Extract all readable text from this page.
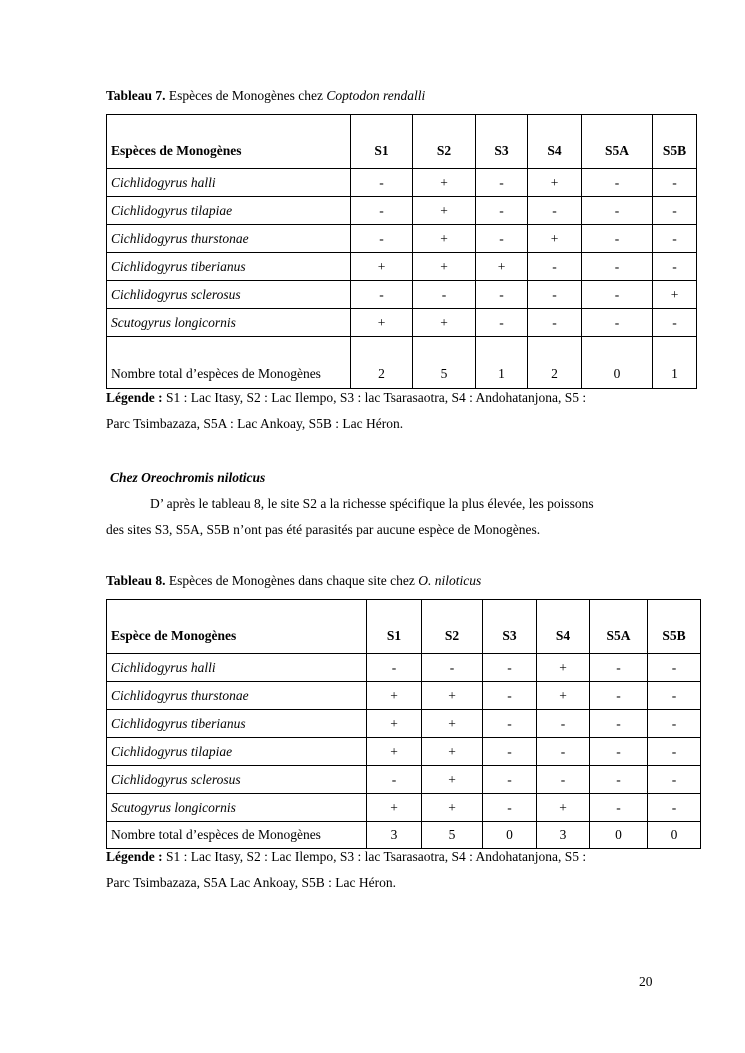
Tableau 7. Espèces de Monogènes chez Coptodon rendalli
Espèces de Monogènes	S1	S2	S3	S4	S5A	S5B
Cichlidogyrus halli	-	+	-	+	-	-
Cichlidogyrus tilapiae	-	+	-	-	-	-
Cichlidogyrus thurstonae	-	+	-	+	-	-
Cichlidogyrus tiberianus	+	+	+	-	-	-
Cichlidogyrus sclerosus	-	-	-	-	-	+
Scutogyrus longicornis	+	+	-	-	-	-
Nombre total d’espèces de Monogènes	2	5	1	2	0	1
Légende : S1 : Lac Itasy, S2 : Lac Ilempo, S3 : lac Tsarasaotra, S4 : Andohatanjona, S5 :
Parc Tsimbazaza, S5A : Lac Ankoay, S5B : Lac Héron.
Chez Oreochromis niloticus
D’ après le tableau 8, le site S2 a la richesse spécifique la plus élevée, les poissons
des sites S3, S5A, S5B n’ont pas été parasités par aucune espèce de Monogènes.
Tableau 8. Espèces de Monogènes dans chaque site chez O. niloticus
Espèce de Monogènes	S1	S2	S3	S4	S5A	S5B
Cichlidogyrus halli	-	-	-	+	-	-
Cichlidogyrus thurstonae	+	+	-	+	-	-
Cichlidogyrus tiberianus	+	+	-	-	-	-
Cichlidogyrus tilapiae	+	+	-	-	-	-
Cichlidogyrus sclerosus	-	+	-	-	-	-
Scutogyrus longicornis	+	+	-	+	-	-
Nombre total d’espèces de Monogènes	3	5	0	3	0	0
Légende : S1 : Lac Itasy, S2 : Lac Ilempo, S3 : lac Tsarasaotra, S4 : Andohatanjona, S5 :
Parc Tsimbazaza, S5A Lac Ankoay, S5B : Lac Héron.
20
